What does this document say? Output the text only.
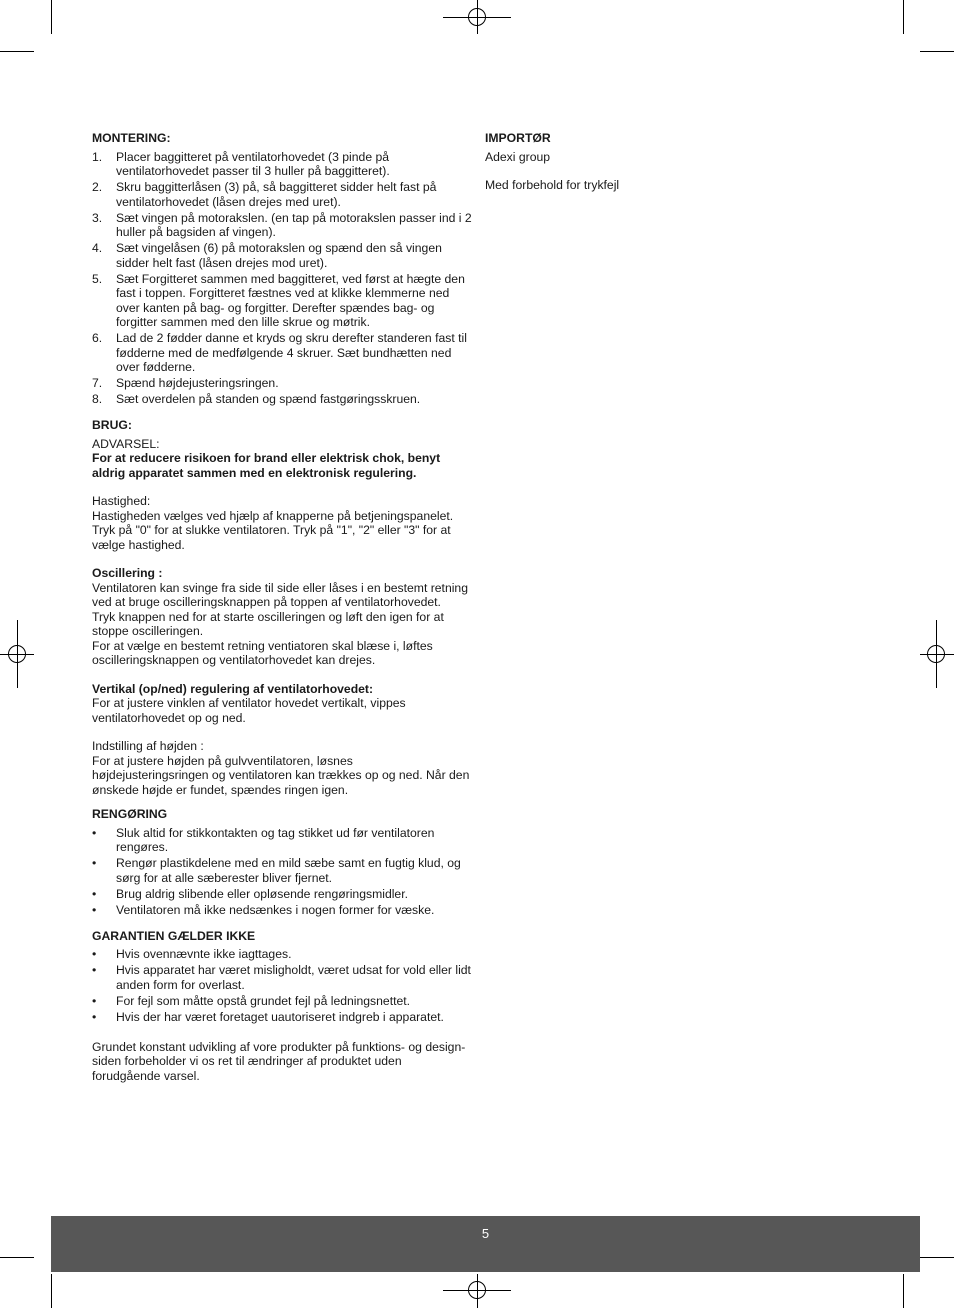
MONTERING:

1. Placer baggitteret på ventilatorhovedet (3 pinde på ventilatorhovedet passer til 3 huller på baggitteret).
2. Skru baggitterlåsen (3) på, så baggitteret sidder helt fast på ventilatorhovedet (låsen drejes med uret).
3. Sæt vingen på motorakslen. (en tap på motorakslen passer ind i 2 huller på bagsiden af vingen).
4. Sæt vingelåsen (6) på motorakslen og spænd den så vingen sidder helt fast (låsen drejes mod uret).
5. Sæt Forgitteret sammen med baggitteret, ved først at hægte den fast i toppen. Forgitteret fæstnes ved at klikke klemmerne ned over kanten på bag- og forgitter. Derefter spændes bag- og forgitter sammen med den lille skrue og møtrik.
6. Lad de 2 fødder danne et kryds og skru derefter standeren fast til fødderne med de medfølgende 4 skruer. Sæt bundhætten ned over fødderne.
7. Spænd højdejusteringsringen.
8. Sæt overdelen på standen og spænd fastgøringsskruen.

BRUG:

ADVARSEL:

For at reducere risikoen for brand eller elektrisk chok, benyt aldrig apparatet sammen med en elektronisk regulering.

Hastighed:

Hastigheden vælges ved hjælp af knapperne på betjeningspanelet. Tryk på "0" for at slukke ventilatoren. Tryk på "1", "2" eller "3" for at vælge hastighed.

Oscillering :

Ventilatoren kan svinge fra side til side eller låses i en bestemt retning ved at bruge oscilleringsknappen på toppen af ventilatorhovedet.

Tryk knappen ned for at starte oscilleringen og løft den igen for at stoppe oscilleringen.

For at vælge en bestemt retning ventiatoren skal blæse i, løftes oscilleringsknappen og ventilatorhovedet kan drejes.

Vertikal (op/ned) regulering af ventilatorhovedet:

For at justere vinklen af ventilator hovedet vertikalt, vippes ventilatorhovedet op og ned.

Indstilling af højden :

For at justere højden på gulvventilatoren, løsnes højdejusteringsringen og ventilatoren kan trækkes op og ned. Når den ønskede højde er fundet, spændes ringen igen.

RENGØRING

• Sluk altid for stikkontakten og tag stikket ud før ventilatoren rengøres.
• Rengør plastikdelene med en mild sæbe samt en fugtig klud, og sørg for at alle sæberester bliver fjernet.
• Brug aldrig slibende eller opløsende rengøringsmidler.
• Ventilatoren må ikke nedsænkes i nogen former for væske.

GARANTIEN GÆLDER IKKE

• Hvis ovennævnte ikke iagttages.
• Hvis apparatet har været misligholdt, været udsat for vold eller lidt anden form for overlast.
• For fejl som måtte opstå grundet fejl på ledningsnettet.
• Hvis der har været foretaget uautoriseret indgreb i apparatet.

Grundet konstant udvikling af vore produkter på funktions- og design-siden forbeholder vi os ret til ændringer af produktet uden forudgående varsel.

IMPORTØR

Adexi group

Med forbehold for trykfejl

5
